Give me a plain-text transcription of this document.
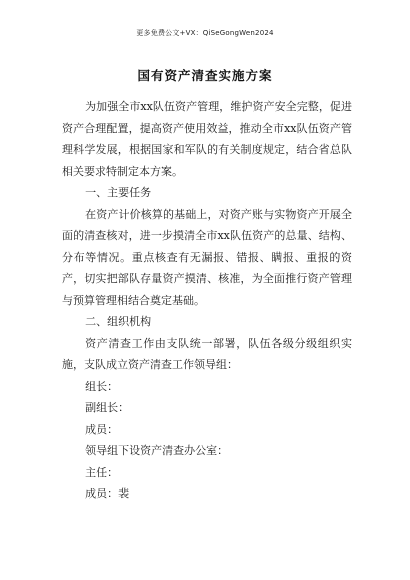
更多免费公文+VX：QiSeGongWen2024
国有资产清查实施方案

为加强全市xx队伍资产管理，维护资产安全完整，促进资产合理配置，提高资产使用效益，推动全市xx队伍资产管理科学发展，根据国家和军队的有关制度规定，结合省总队相关要求特制定本方案。

一、主要任务

在资产计价核算的基础上，对资产账与实物资产开展全面的清查核对，进一步摸清全市xx队伍资产的总量、结构、分布等情况。重点核查有无漏报、错报、瞒报、重报的资产，切实把部队存量资产摸清、核准，为全面推行资产管理与预算管理相结合奠定基础。

二、组织机构

资产清查工作由支队统一部署，队伍各级分级组织实施，支队成立资产清查工作领导组：

组长：

副组长：

成员：

领导组下设资产清查办公室：

主任：

成员：裴
